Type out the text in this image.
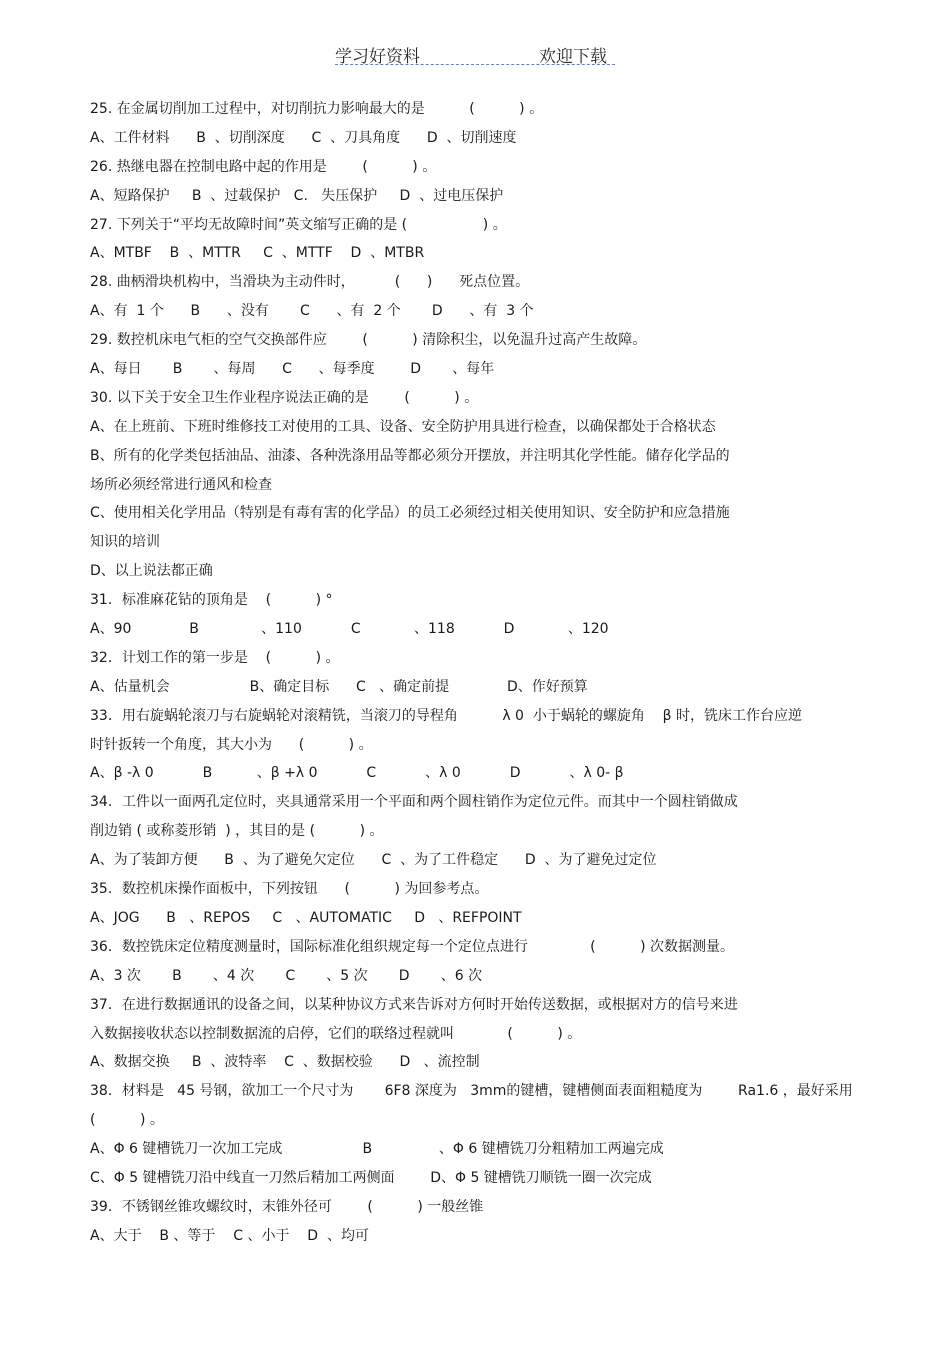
学习好资料	欢迎下载
25. 在金属切削加工过程中，对切削抗力影响最大的是          (          ) 。
A、工件材料      B  、切削深度      C  、刀具角度      D  、切削速度
26. 热继电器在控制电路中起的作用是        (          ) 。
A、短路保护     B  、过载保护   C.   失压保护     D  、过电压保护
27. 下列关于“平均无故障时间”英文缩写正确的是 (                 ) 。
A、MTBF    B  、MTTR     C  、MTTF    D  、MTBR
28. 曲柄滑块机构中，当滑块为主动件时，         (      )      死点位置。
A、有  1 个      B      、没有       C      、有  2 个       D      、有  3 个
29. 数控机床电气柜的空气交换部件应        (          ) 清除积尘，以免温升过高产生故障。
A、每日       B       、每周      C      、每季度        D       、每年
30. 以下关于安全卫生作业程序说法正确的是        (          ) 。
A、在上班前、下班时维修技工对使用的工具、设备、安全防护用具进行检查，以确保都处于合格状态
B、所有的化学类包括油品、油漆、各种洗涤用品等都必须分开摆放，并注明其化学性能。储存化学品的
场所必须经常进行通风和检查
C、使用相关化学用品（特别是有毒有害的化学品）的员工必须经过相关使用知识、安全防护和应急措施
知识的培训
D、以上说法都正确
31．标准麻花钻的顶角是    (          ) °
A、90             B              、110           C            、118           D            、120
32．计划工作的第一步是    (          ) 。
A、估量机会                  B、确定目标      C   、确定前提             D、作好预算
33．用右旋蜗轮滚刀与右旋蜗轮对滚精铣，当滚刀的导程角          λ 0  小于蜗轮的螺旋角    β 时，铣床工作台应逆
时针扳转一个角度，其大小为      (          ) 。
A、β -λ 0           B          、β +λ 0           C           、λ 0           D           、λ 0- β
34．工件以一面两孔定位时，夹具通常采用一个平面和两个圆柱销作为定位元件。而其中一个圆柱销做成
削边销 ( 或称菱形销  ) ，其目的是 (          ) 。
A、为了装卸方便      B  、为了避免欠定位      C  、为了工件稳定      D  、为了避免过定位
35．数控机床操作面板中，下列按钮      (          ) 为回参考点。
A、JOG      B   、REPOS     C   、AUTOMATIC     D   、REFPOINT
36．数控铣床定位精度测量时，国际标准化组织规定每一个定位点进行              (          ) 次数据测量。
A、3 次       B       、4 次       C       、5 次       D       、6 次
37．在进行数据通讯的设备之间，以某种协议方式来告诉对方何时开始传送数据，或根据对方的信号来进
入数据接收状态以控制数据流的启停，它们的联络过程就叫            (          ) 。
A、数据交换     B  、波特率    C  、数据校验      D   、流控制
38．材料是   45 号钢，欲加工一个尺寸为       6F8 深度为   3mm的键槽，键槽侧面表面粗糙度为        Ra1.6 ，最好采用
(          ) 。
A、Φ 6 键槽铣刀一次加工完成                  B               、Φ 6 键槽铣刀分粗精加工两遍完成
C、Φ 5 键槽铣刀沿中线直一刀然后精加工两侧面        D、Φ 5 键槽铣刀顺铣一圈一次完成
39．不锈钢丝锥攻螺纹时，末锥外径可        (          ) 一般丝锥
A、大于    B 、等于    C 、小于    D  、均可
